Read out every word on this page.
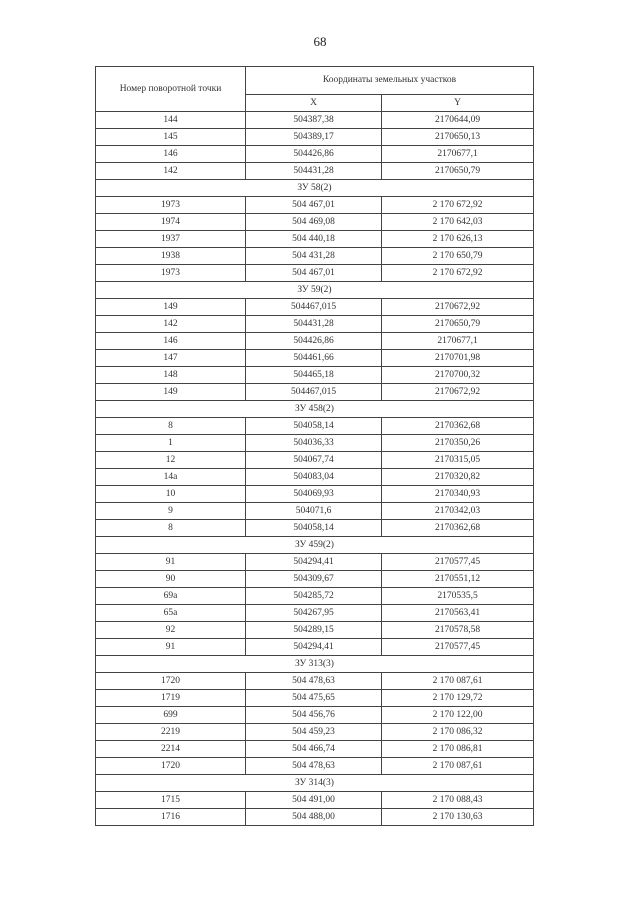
68
Номер поворотной точки	Координаты земельных участков	
	X	Y
144	504387,38	2170644,09
145	504389,17	2170650,13
146	504426,86	2170677,1
142	504431,28	2170650,79
ЗУ 58(2)		
1973	504 467,01	2 170 672,92
1974	504 469,08	2 170 642,03
1937	504 440,18	2 170 626,13
1938	504 431,28	2 170 650,79
1973	504 467,01	2 170 672,92
ЗУ 59(2)		
149	504467,015	2170672,92
142	504431,28	2170650,79
146	504426,86	2170677,1
147	504461,66	2170701,98
148	504465,18	2170700,32
149	504467,015	2170672,92
ЗУ 458(2)		
8	504058,14	2170362,68
1	504036,33	2170350,26
12	504067,74	2170315,05
14a	504083,04	2170320,82
10	504069,93	2170340,93
9	504071,6	2170342,03
8	504058,14	2170362,68
ЗУ 459(2)		
91	504294,41	2170577,45
90	504309,67	2170551,12
69a	504285,72	2170535,5
65a	504267,95	2170563,41
92	504289,15	2170578,58
91	504294,41	2170577,45
ЗУ 313(3)		
1720	504 478,63	2 170 087,61
1719	504 475,65	2 170 129,72
699	504 456,76	2 170 122,00
2219	504 459,23	2 170 086,32
2214	504 466,74	2 170 086,81
1720	504 478,63	2 170 087,61
ЗУ 314(3)		
1715	504 491,00	2 170 088,43
1716	504 488,00	2 170 130,63
